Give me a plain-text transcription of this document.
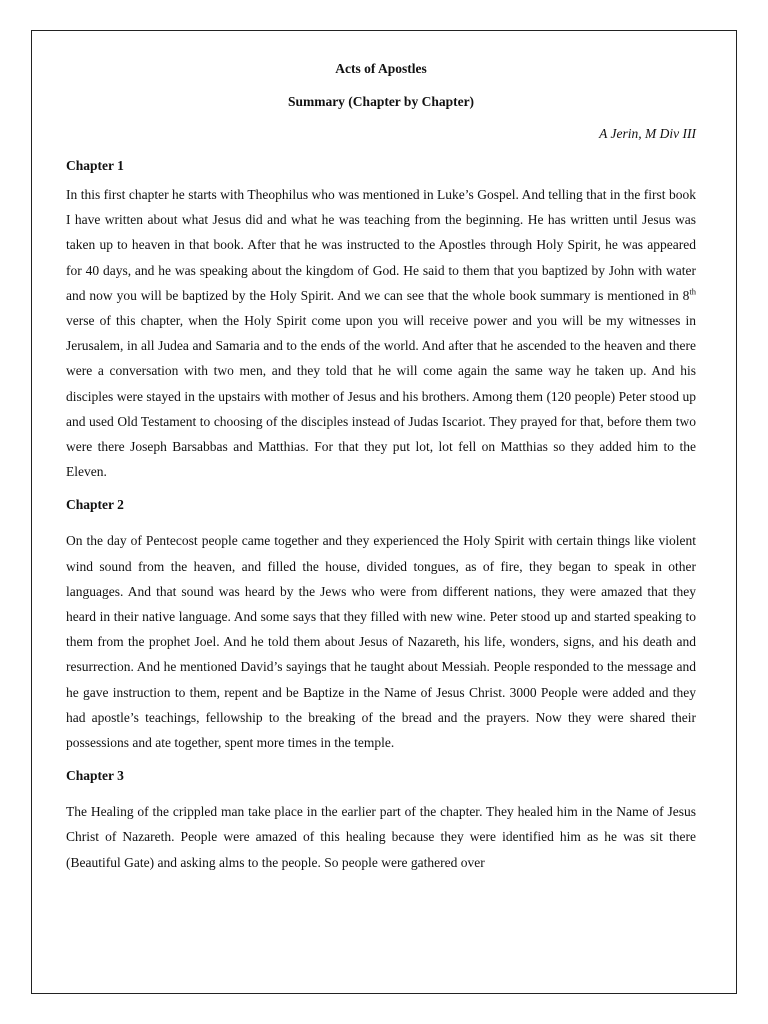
Acts of Apostles
Summary (Chapter by Chapter)
A Jerin, M Div III
Chapter 1
In this first chapter he starts with Theophilus who was mentioned in Luke’s Gospel. And telling that in the first book I have written about what Jesus did and what he was teaching from the beginning. He has written until Jesus was taken up to heaven in that book. After that he was instructed to the Apostles through Holy Spirit, he was appeared for 40 days, and he was speaking about the kingdom of God. He said to them that you baptized by John with water and now you will be baptized by the Holy Spirit. And we can see that the whole book summary is mentioned in 8th verse of this chapter, when the Holy Spirit come upon you will receive power and you will be my witnesses in Jerusalem, in all Judea and Samaria and to the ends of the world. And after that he ascended to the heaven and there were a conversation with two men, and they told that he will come again the same way he taken up. And his disciples were stayed in the upstairs with mother of Jesus and his brothers. Among them (120 people) Peter stood up and used Old Testament to choosing of the disciples instead of Judas Iscariot. They prayed for that, before them two were there Joseph Barsabbas and Matthias. For that they put lot, lot fell on Matthias so they added him to the Eleven.
Chapter 2
On the day of Pentecost people came together and they experienced the Holy Spirit with certain things like violent wind sound from the heaven, and filled the house, divided tongues, as of fire, they began to speak in other languages. And that sound was heard by the Jews who were from different nations, they were amazed that they heard in their native language. And some says that they filled with new wine. Peter stood up and started speaking to them from the prophet Joel. And he told them about Jesus of Nazareth, his life, wonders, signs, and his death and resurrection. And he mentioned David’s sayings that he taught about Messiah. People responded to the message and he gave instruction to them, repent and be Baptize in the Name of Jesus Christ. 3000 People were added and they had apostle’s teachings, fellowship to the breaking of the bread and the prayers. Now they were shared their possessions and ate together, spent more times in the temple.
Chapter 3
The Healing of the crippled man take place in the earlier part of the chapter. They healed him in the Name of Jesus Christ of Nazareth. People were amazed of this healing because they were identified him as he was sit there (Beautiful Gate) and asking alms to the people. So people were gathered over
